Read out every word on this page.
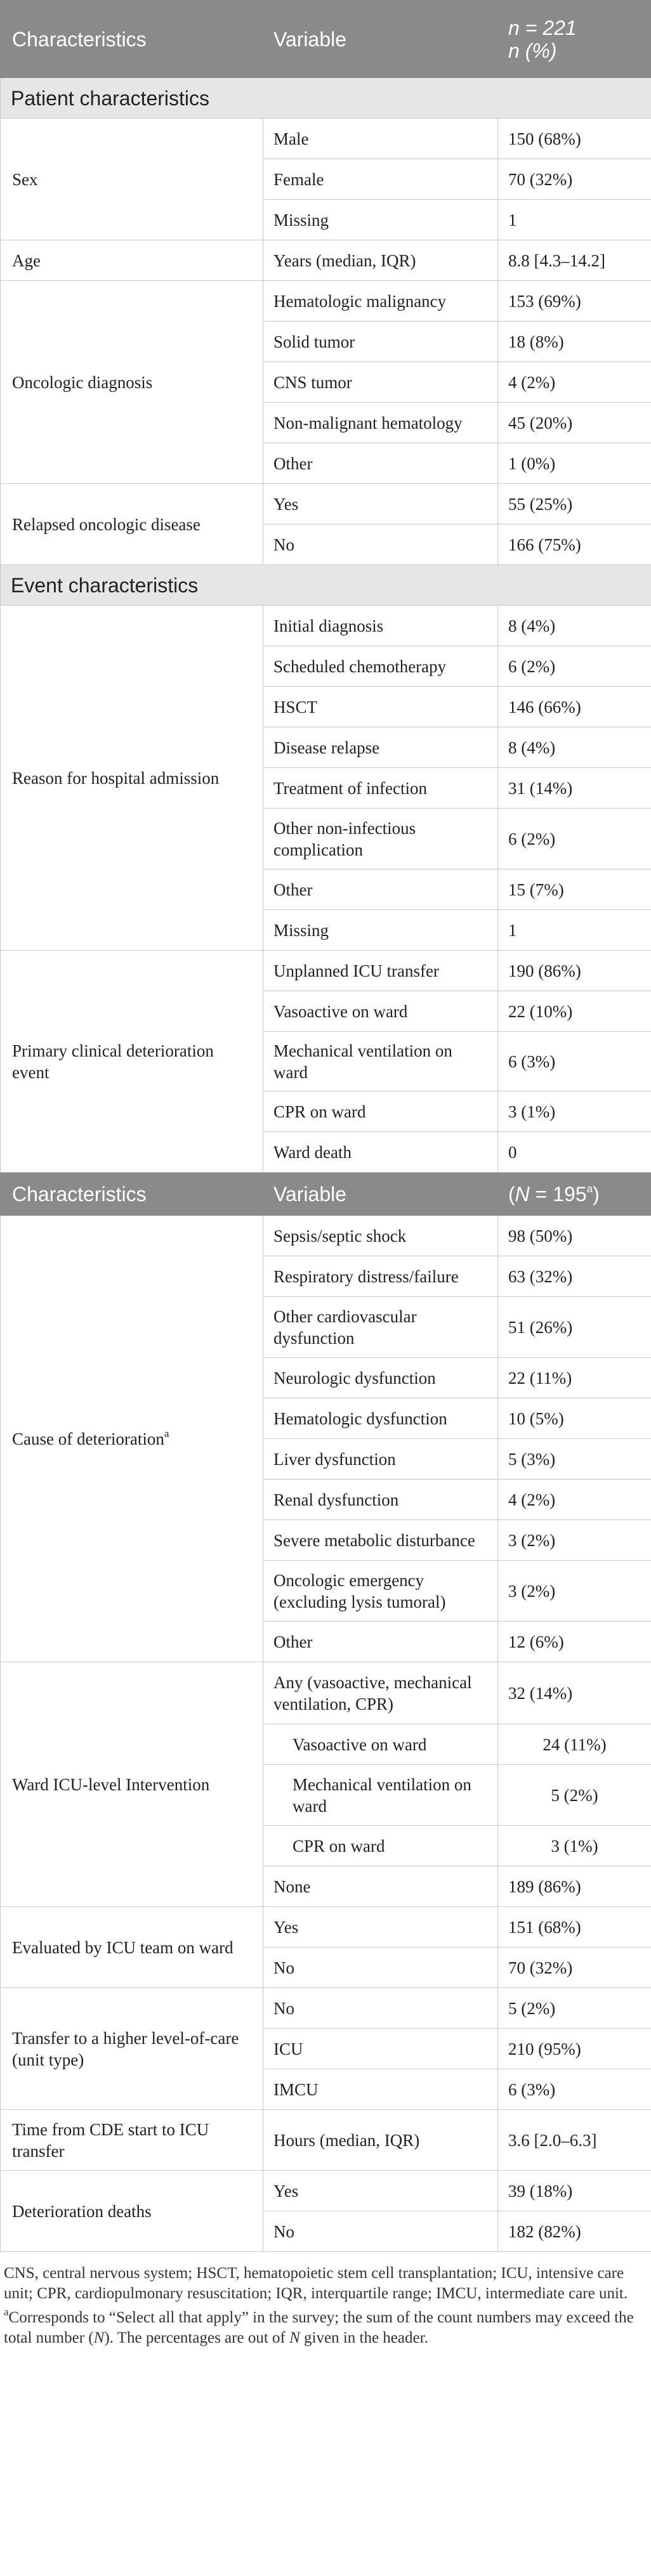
Characteristics	Variable	n = 221
n (%)
Patient characteristics		
Sex	Male	150 (68%)
	Female	70 (32%)
	Missing	1
Age	Years (median, IQR)	8.8 [4.3–14.2]
Oncologic diagnosis	Hematologic malignancy	153 (69%)
	Solid tumor	18 (8%)
	CNS tumor	4 (2%)
	Non-malignant hematology	45 (20%)
	Other	1 (0%)
Relapsed oncologic disease	Yes	55 (25%)
	No	166 (75%)
Event characteristics		
Reason for hospital admission	Initial diagnosis	8 (4%)
	Scheduled chemotherapy	6 (2%)
	HSCT	146 (66%)
	Disease relapse	8 (4%)
	Treatment of infection	31 (14%)
	Other non-infectious complication	6 (2%)
	Other	15 (7%)
	Missing	1
Primary clinical deterioration event	Unplanned ICU transfer	190 (86%)
	Vasoactive on ward	22 (10%)
	Mechanical ventilation on ward	6 (3%)
	CPR on ward	3 (1%)
	Ward death	0
Characteristics	Variable	$(N = 195^a)$
Cause of deterioration$^a$	Sepsis/septic shock	98 (50%)
	Respiratory distress/failure	63 (32%)
	Other cardiovascular dysfunction	51 (26%)
	Neurologic dysfunction	22 (11%)
	Hematologic dysfunction	10 (5%)
	Liver dysfunction	5 (3%)
	Renal dysfunction	4 (2%)
	Severe metabolic disturbance	3 (2%)
	Oncologic emergency (excluding lysis tumoral)	3 (2%)
	Other	12 (6%)
Ward ICU-level Intervention	Any (vasoactive, mechanical ventilation, CPR)	32 (14%)
	Vasoactive on ward	24 (11%)
	Mechanical ventilation on ward	5 (2%)
	CPR on ward	3 (1%)
	None	189 (86%)
Evaluated by ICU team on ward	Yes	151 (68%)
	No	70 (32%)
Transfer to a higher level-of-care (unit type)	No	5 (2%)
	ICU	210 (95%)
	IMCU	6 (3%)
Time from CDE start to ICU transfer	Hours (median, IQR)	3.6 [2.0–6.3]
Deterioration deaths	Yes	39 (18%)
	No	182 (82%)

CNS, central nervous system; HSCT, hematopoietic stem cell transplantation; ICU, intensive care unit; CPR, cardiopulmonary resuscitation; IQR, interquartile range; IMCU, intermediate care unit.

$^a$Corresponds to “Select all that apply” in the survey; the sum of the count numbers may exceed the total number (N). The percentages are out of N given in the header.
